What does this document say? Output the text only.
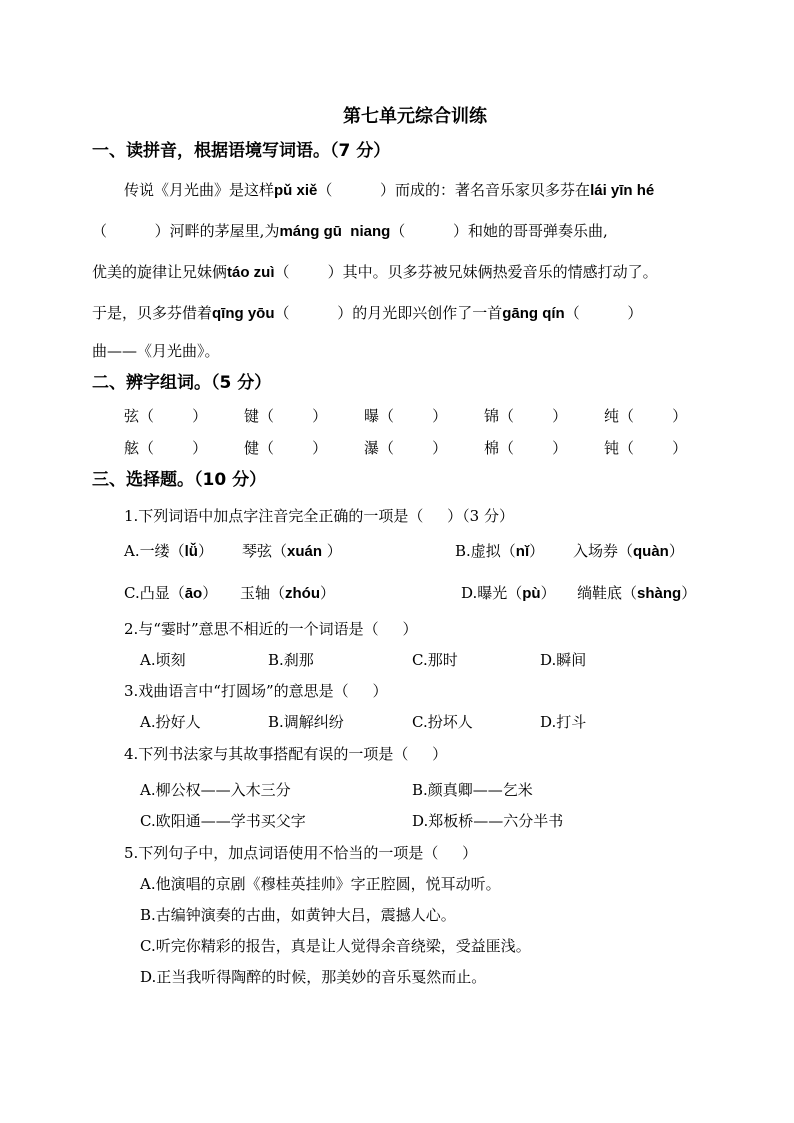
第七单元综合训练
一、读拼音，根据语境写词语。（7 分）
传说《月光曲》是这样pǔ xiě（          ）而成的：著名音乐家贝多芬在lái yīn hé
（          ）河畔的茅屋里,为máng gū  niang（          ）和她的哥哥弹奏乐曲,
优美的旋律让兄妹俩táo zuì（        ）其中。贝多芬被兄妹俩热爱音乐的情感打动了。
于是，贝多芬借着qīng yōu（          ）的月光即兴创作了一首gāng qín（          ）
曲——《月光曲》。
二、辨字组词。（5 分）
弦（        ） 键（        ） 曝（        ） 锦（        ） 纯（        ）
舷（        ） 健（        ） 瀑（        ） 棉（        ） 钝（        ）
三、选择题。（10 分）
1.下列词语中加点字注音完全正确的一项是（     ）（3 分）
A.一缕（lǚ） 琴弦（xuán ）	B.虚拟（nǐ） 入场券（quàn）
C.凸显（āo） 玉轴（zhóu）	D.曝光（pù） 绱鞋底（shàng）
2.与“霎时”意思不相近的一个词语是（     ）
A.顷刻	B.刹那	C.那时	D.瞬间
3.戏曲语言中“打圆场”的意思是（     ）
A.扮好人	B.调解纠纷	C.扮坏人	D.打斗
4.下列书法家与其故事搭配有误的一项是（     ）
A.柳公权——入木三分	B.颜真卿——乞米
C.欧阳通——学书买父字	D.郑板桥——六分半书
5.下列句子中，加点词语使用不恰当的一项是（     ）
A.他演唱的京剧《穆桂英挂帅》字正腔圆，悦耳动听。
B.古编钟演奏的古曲，如黄钟大吕，震撼人心。
C.听完你精彩的报告，真是让人觉得余音绕梁，受益匪浅。
D.正当我听得陶醉的时候，那美妙的音乐戛然而止。
